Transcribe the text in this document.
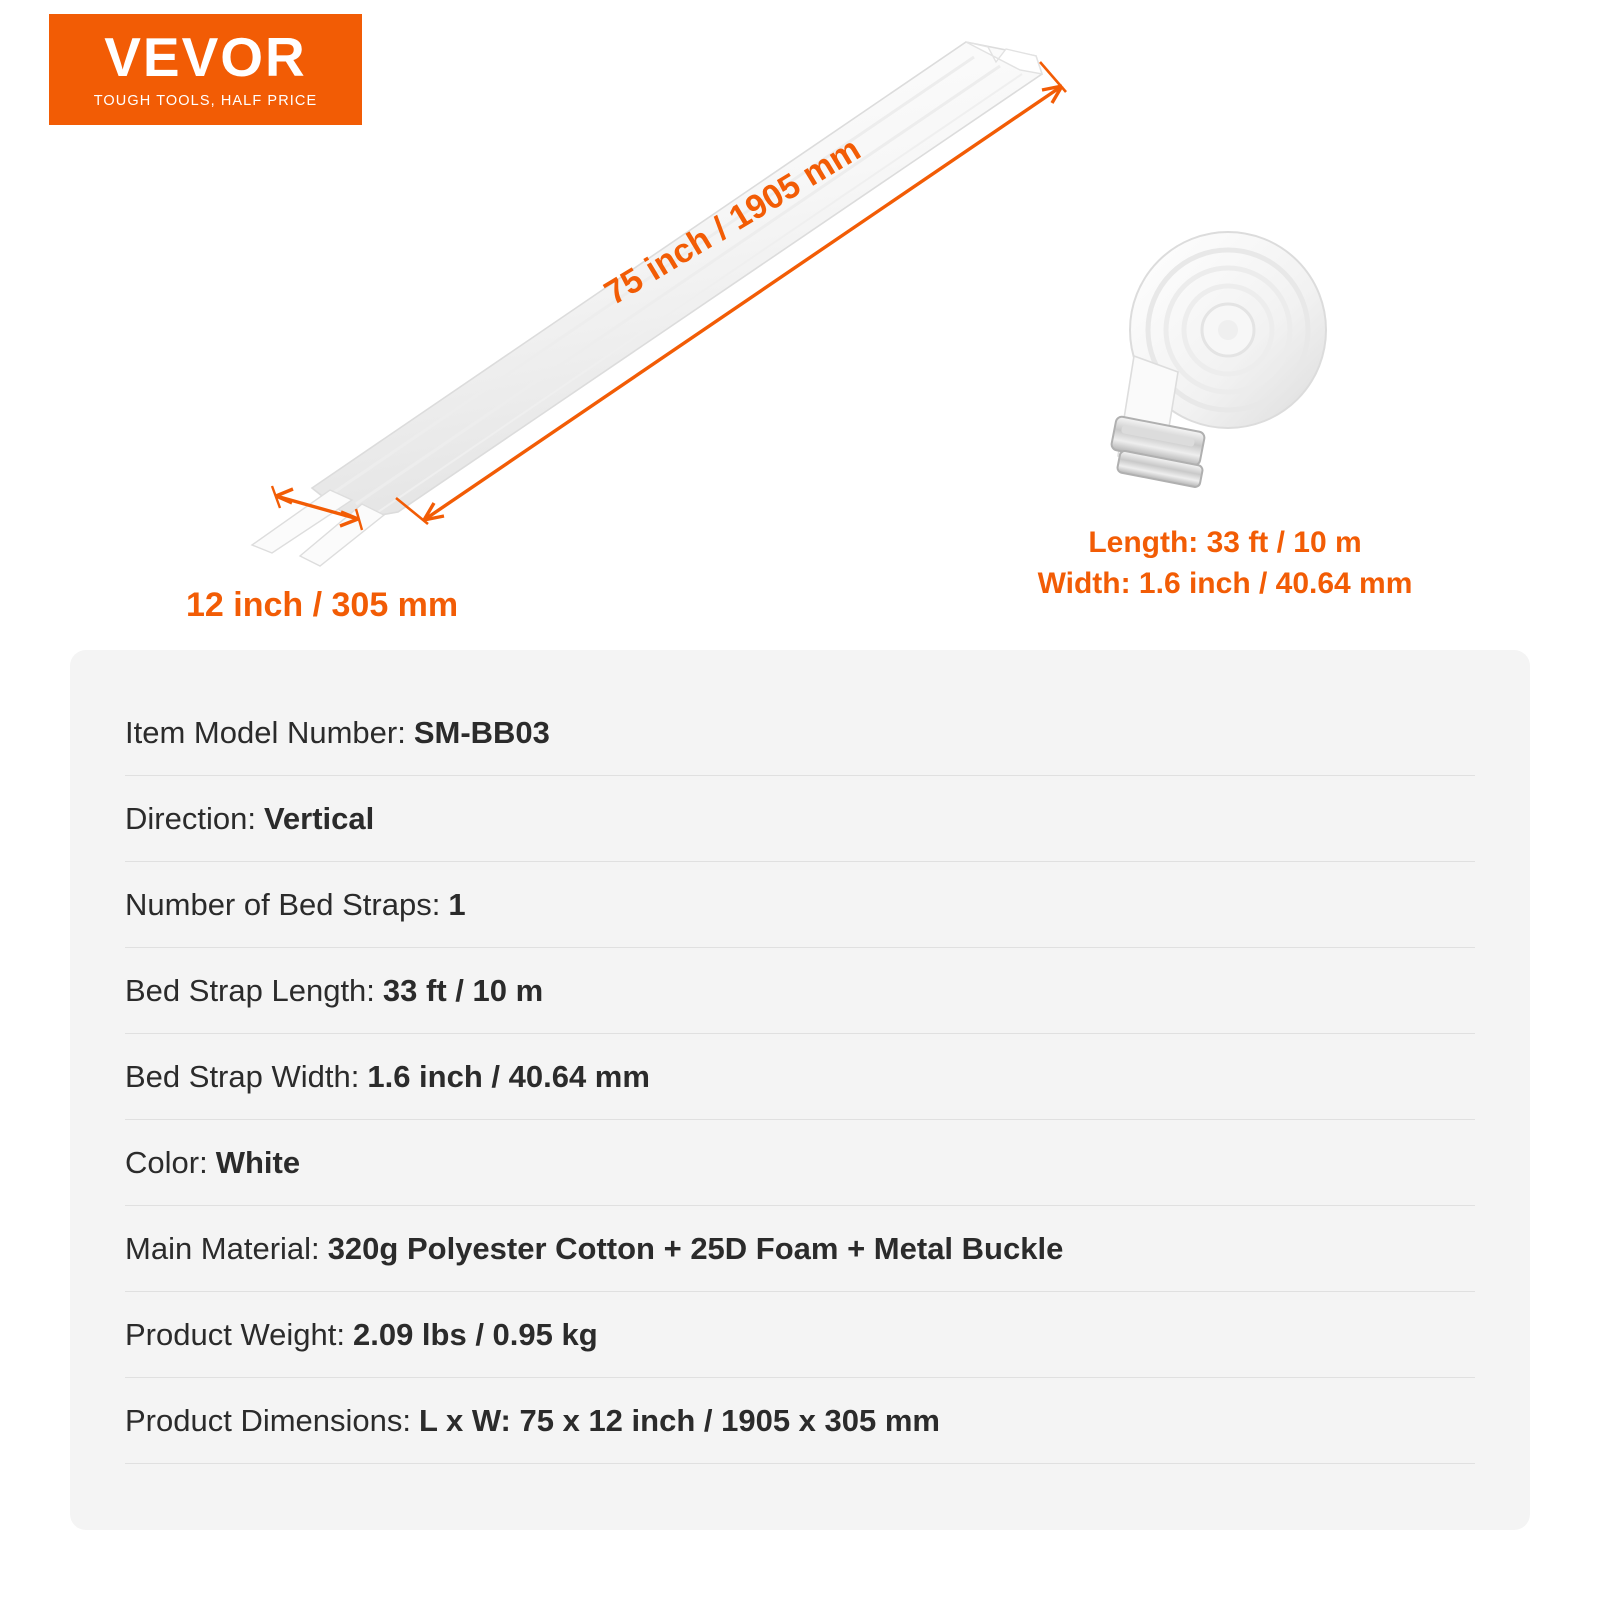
75 inch / 1905 mm
12 inch / 305 mm
Length: 33 ft / 10 m
Width: 1.6 inch / 40.64 mm
VEVOR
TOUGH TOOLS, HALF PRICE
Item Model Number: SM-BB03
Direction: Vertical
Number of Bed Straps: 1
Bed Strap Length: 33 ft / 10 m
Bed Strap Width: 1.6 inch / 40.64 mm
Color: White
Main Material: 320g Polyester Cotton + 25D Foam + Metal Buckle
Product Weight: 2.09 lbs / 0.95 kg
Product Dimensions: L x W: 75 x 12 inch / 1905 x 305 mm
